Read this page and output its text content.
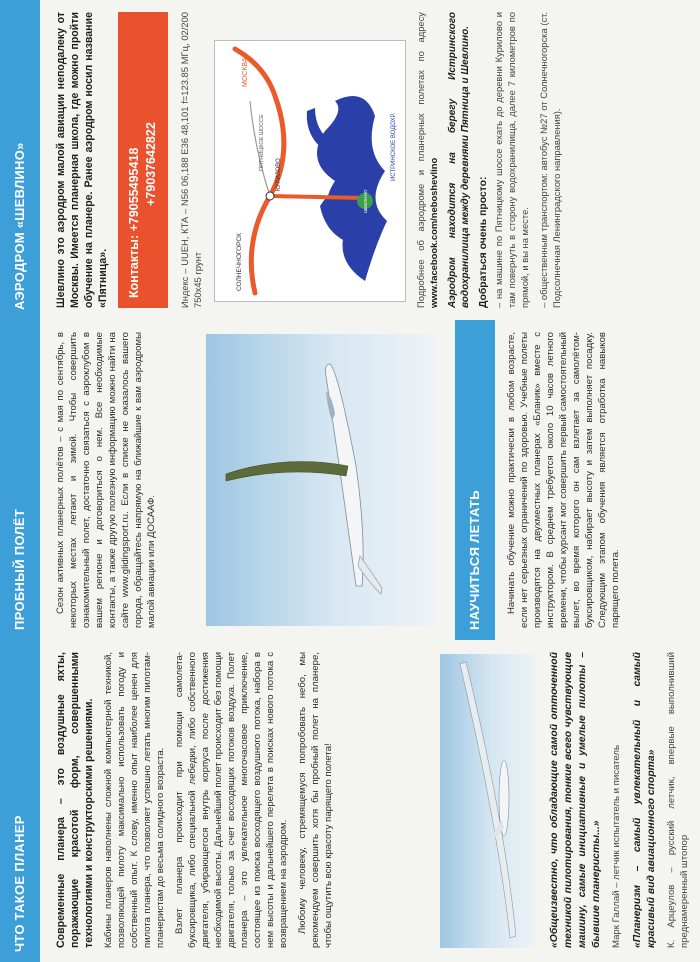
ЧТО ТАКОЕ ПЛАНЕР	Современные планера – это воздушные яхты, поражающие красотой форм, совершенными технологиями и конструкторскими решениями. Кабины планеров наполнены сложной компьютерной техникой, позволяющей пилоту максимально использовать погоду и собственный опыт. К слову, именно опыт наиболее ценен для пилота планера, что позволяет успешно летать многим пилотам-планеристам до весьма солидного возраста. Взлет планера происходит при помощи самолета-буксировщика, либо специальной лебедки, либо собственного двигателя, убирающегося внутрь корпуса после достижения необходимой высоты. Дальнейший полет происходит без помощи двигателя, только за счет восходящих потоков воздуха. Полет планера – это увлекательное многочасовое приключение, состоящее из поиска восходящего воздушного потока, набора в нем высоты и дальнейшего перелета в поисках нового потока с возвращением на аэродром. Любому человеку, стремящемуся попробовать небо, мы рекомендуем совершить хотя бы пробный полет на планере, чтобы ощутить всю красоту парящего полета!	«Общеизвестно, что обладающие самой отточенной техникой пилотирования, тонкие всего чувствующие машину, самые инициативные и умелые пилоты – бывшие планеристы...» Марк Галлай – летчик испытатель и писатель «Планеризм – самый увлекательный и самый красивый вид авиационного спорта» К. Арцеулов – русский летчик, впервые выполнивший преднамеренный штопор

ПРОБНЫЙ ПОЛЁТ	Сезон активных планерных полётов – с мая по сентябрь, в некоторых местах летают и зимой. Чтобы совершить ознакомительный полет, достаточно связаться с аэроклубом в вашем регионе и договориться о нем. Все необходимые контакты, а также другую полезную информацию можно найти на сайте www.glidingsport.ru. Если в списке не оказалось вашего города, обращайтесь напрямую на ближайшие к вам аэродромы малой авиации или ДОСААФ.	НАУЧИТЬСЯ ЛЕТАТЬ	Начинать обучение можно практически в любом возрасте, если нет серьезных ограничений по здоровью. Учебные полеты производятся на двухместных планерах «Бланик» вместе с инструктором. В среднем требуется около 10 часов летного времени, чтобы курсант мог совершить первый самостоятельный вылет, во время которого он сам взлетает за самолётом-буксировщиком, набирает высоту и затем выполняет посадку. Следующим этапом обучения является отработка навыков парящего полета.

АЭРОДРОМ «ШЕВЛИНО»	Шевлино это аэродром малой авиации неподалеку от Москвы. Имеется планерная школа, где можно пройти обучение на планере. Ранее аэродром носил название «Пятница».	Контакты: +79055495418 +79037642822	Индекс – UUEH, КТА – N56 06,188 E36 48,101 f=123.85 МГц, 02/200 750х45 грунт

МОСКВА
СОЛНЕЧНОГОРСК
КУРИЛОВО
ПЯТНИЦКОЕ ШОССЕ	ИСТРИНСКОЕ ВОДОХР.
ШЕВЛИНО	Подробнее об аэродроме и планерных полетах по адресу www.facebook.com/neboshevlino Аэродром находится на берегу Истринского водохранилища между деревнями Пятница и Шевлино. Добраться очень просто: – на машине по Пятницкому шоссе ехать до деревни Курилово и там повернуть в сторону водохранилища, далее 7 километров по прямой, и вы на месте. – общественным транспортом: автобус №27 от Солнечногорска (ст. Подсолнечная Ленинградского направления).
